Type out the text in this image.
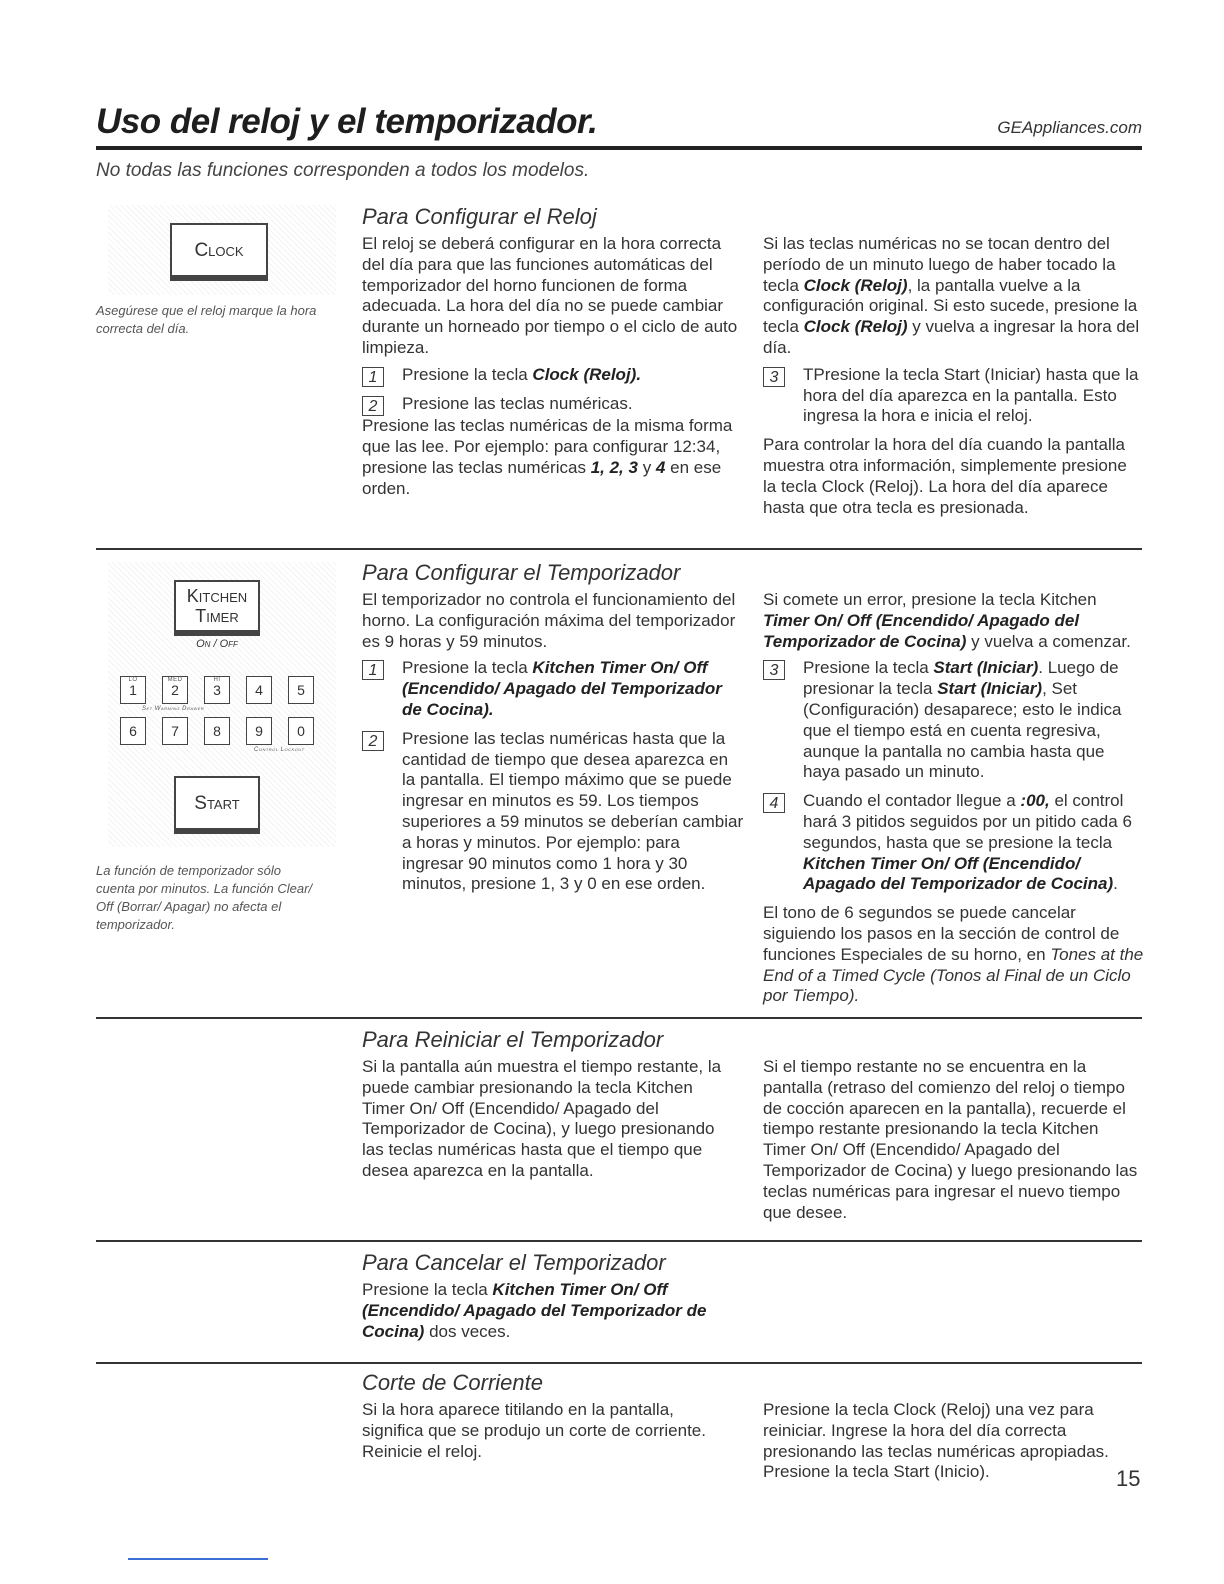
Uso del reloj y el temporizador.	GEAppliances.com
No todas las funciones corresponden a todos los modelos.
Clock
Asegúrese que el reloj marque la hora correcta del día.
Kitchen
Timer
On / Off
LO
1
MED
2
HI
3	4	5
Set Warming Drawer
6	7	8	9	0
Control Lockout
Start
La función de temporizador sólo cuenta por minutos. La función Clear/ Off (Borrar/ Apagar) no afecta el temporizador.
Para Configurar el Reloj

El reloj se deberá configurar en la hora correcta del día para que las funciones automáticas del temporizador del horno funcionen de forma adecuada. La hora del día no se puede cambiar durante un horneado por tiempo o el ciclo de auto limpieza.

1	Presione la tecla Clock (Reloj).
2	Presione las teclas numéricas.

Presione las teclas numéricas de la misma forma que las lee. Por ejemplo: para configurar 12:34, presione las teclas numéricas 1, 2, 3 y 4 en ese orden.

Si las teclas numéricas no se tocan dentro del período de un minuto luego de haber tocado la tecla Clock (Reloj), la pantalla vuelve a la configuración original. Si esto sucede, presione la tecla Clock (Reloj) y vuelva a ingresar la hora del día.

3	TPresione la tecla Start (Iniciar) hasta que la hora del día aparezca en la pantalla. Esto ingresa la hora e inicia el reloj.

Para controlar la hora del día cuando la pantalla muestra otra información, simplemente presione la tecla Clock (Reloj). La hora del día aparece hasta que otra tecla es presionada.

Para Configurar el Temporizador

El temporizador no controla el funcionamiento del horno. La configuración máxima del temporizador es 9 horas y 59 minutos.

1	Presione la tecla Kitchen Timer On/ Off (Encendido/ Apagado del Temporizador de Cocina).
2	Presione las teclas numéricas hasta que la cantidad de tiempo que desea aparezca en la pantalla. El tiempo máximo que se puede ingresar en minutos es 59. Los tiempos superiores a 59 minutos se deberían cambiar a horas y minutos. Por ejemplo: para ingresar 90 minutos como 1 hora y 30 minutos, presione 1, 3 y 0 en ese orden.

Si comete un error, presione la tecla Kitchen Timer On/ Off (Encendido/ Apagado del Temporizador de Cocina) y vuelva a comenzar.

3	Presione la tecla Start (Iniciar). Luego de presionar la tecla Start (Iniciar), Set (Configuración) desaparece; esto le indica que el tiempo está en cuenta regresiva, aunque la pantalla no cambia hasta que haya pasado un minuto.
4	Cuando el contador llegue a :00, el control hará 3 pitidos seguidos por un pitido cada 6 segundos, hasta que se presione la tecla Kitchen Timer On/ Off (Encendido/ Apagado del Temporizador de Cocina).

El tono de 6 segundos se puede cancelar siguiendo los pasos en la sección de control de funciones Especiales de su horno, en Tones at the End of a Timed Cycle (Tonos al Final de un Ciclo por Tiempo).

Para Reiniciar el Temporizador

Si la pantalla aún muestra el tiempo restante, la puede cambiar presionando la tecla Kitchen Timer On/ Off (Encendido/ Apagado del Temporizador de Cocina), y luego presionando las teclas numéricas hasta que el tiempo que desea aparezca en la pantalla.

Si el tiempo restante no se encuentra en la pantalla (retraso del comienzo del reloj o tiempo de cocción aparecen en la pantalla), recuerde el tiempo restante presionando la tecla Kitchen Timer On/ Off (Encendido/ Apagado del Temporizador de Cocina) y luego presionando las teclas numéricas para ingresar el nuevo tiempo que desee.

Para Cancelar el Temporizador

Presione la tecla Kitchen Timer On/ Off (Encendido/ Apagado del Temporizador de Cocina) dos veces.

Corte de Corriente

Si la hora aparece titilando en la pantalla, significa que se produjo un corte de corriente. Reinicie el reloj.

Presione la tecla Clock (Reloj) una vez para reiniciar. Ingrese la hora del día correcta presionando las teclas numéricas apropiadas. Presione la tecla Start (Inicio).	15
